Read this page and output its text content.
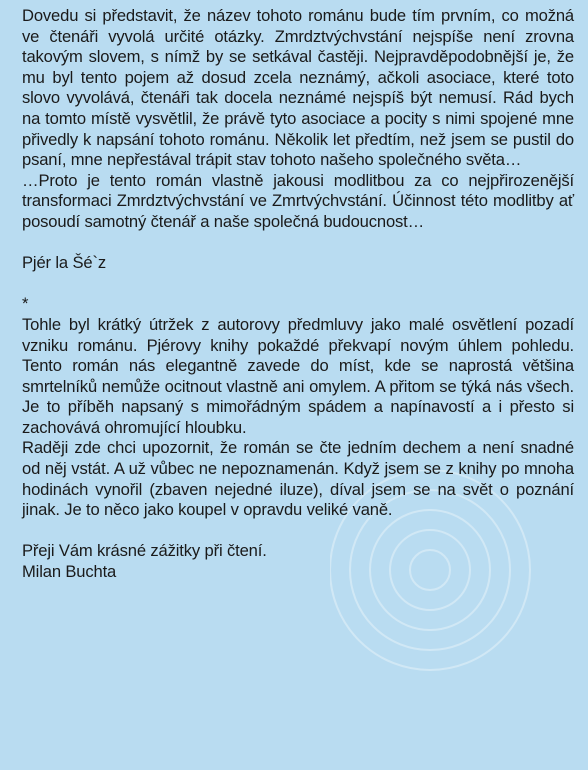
Dovedu si představit, že název tohoto románu bude tím prvním, co možná ve čtenáři vyvolá určité otázky. Zmrdztvýchvstání nejspíše není zrovna takovým slovem, s nímž by se setkával častěji. Nejpravděpodobnější je, že mu byl tento pojem až dosud zcela neznámý, ačkoli asociace, které toto slovo vyvolává, čtenáři tak docela neznámé nejspíš být nemusí. Rád bych na tomto místě vysvětlil, že právě tyto asociace a pocity s nimi spojené mne přivedly k napsání tohoto románu. Několik let předtím, než jsem se pustil do psaní, mne nepřestával trápit stav tohoto našeho společného světa…

…Proto je tento román vlastně jakousi modlitbou za co nejpřirozenější transformaci Zmrdztvýchvstání ve Zmrtvýchvstání. Účinnost této modlitby ať posoudí samotný čtenář a naše společná budoucnost…

Pjér la Šé`z

*

Tohle byl krátký útržek z autorovy předmluvy jako malé osvětlení pozadí vzniku románu. Pjérovy knihy pokaždé překvapí novým úhlem pohledu. Tento román nás elegantně zavede do míst, kde se naprostá většina smrtelníků nemůže ocitnout vlastně ani omylem. A přitom se týká nás všech. Je to příběh napsaný s mimořádným spádem a napínavostí a i přesto si zachovává ohromující hloubku.

Raději zde chci upozornit, že román se čte jedním dechem a není snadné od něj vstát. A už vůbec ne nepoznamenán. Když jsem se z knihy po mnoha hodinách vynořil (zbaven nejedné iluze), díval jsem se na svět o poznání jinak. Je to něco jako koupel v opravdu veliké vaně.

Přeji Vám krásné zážitky při čtení.

Milan Buchta
